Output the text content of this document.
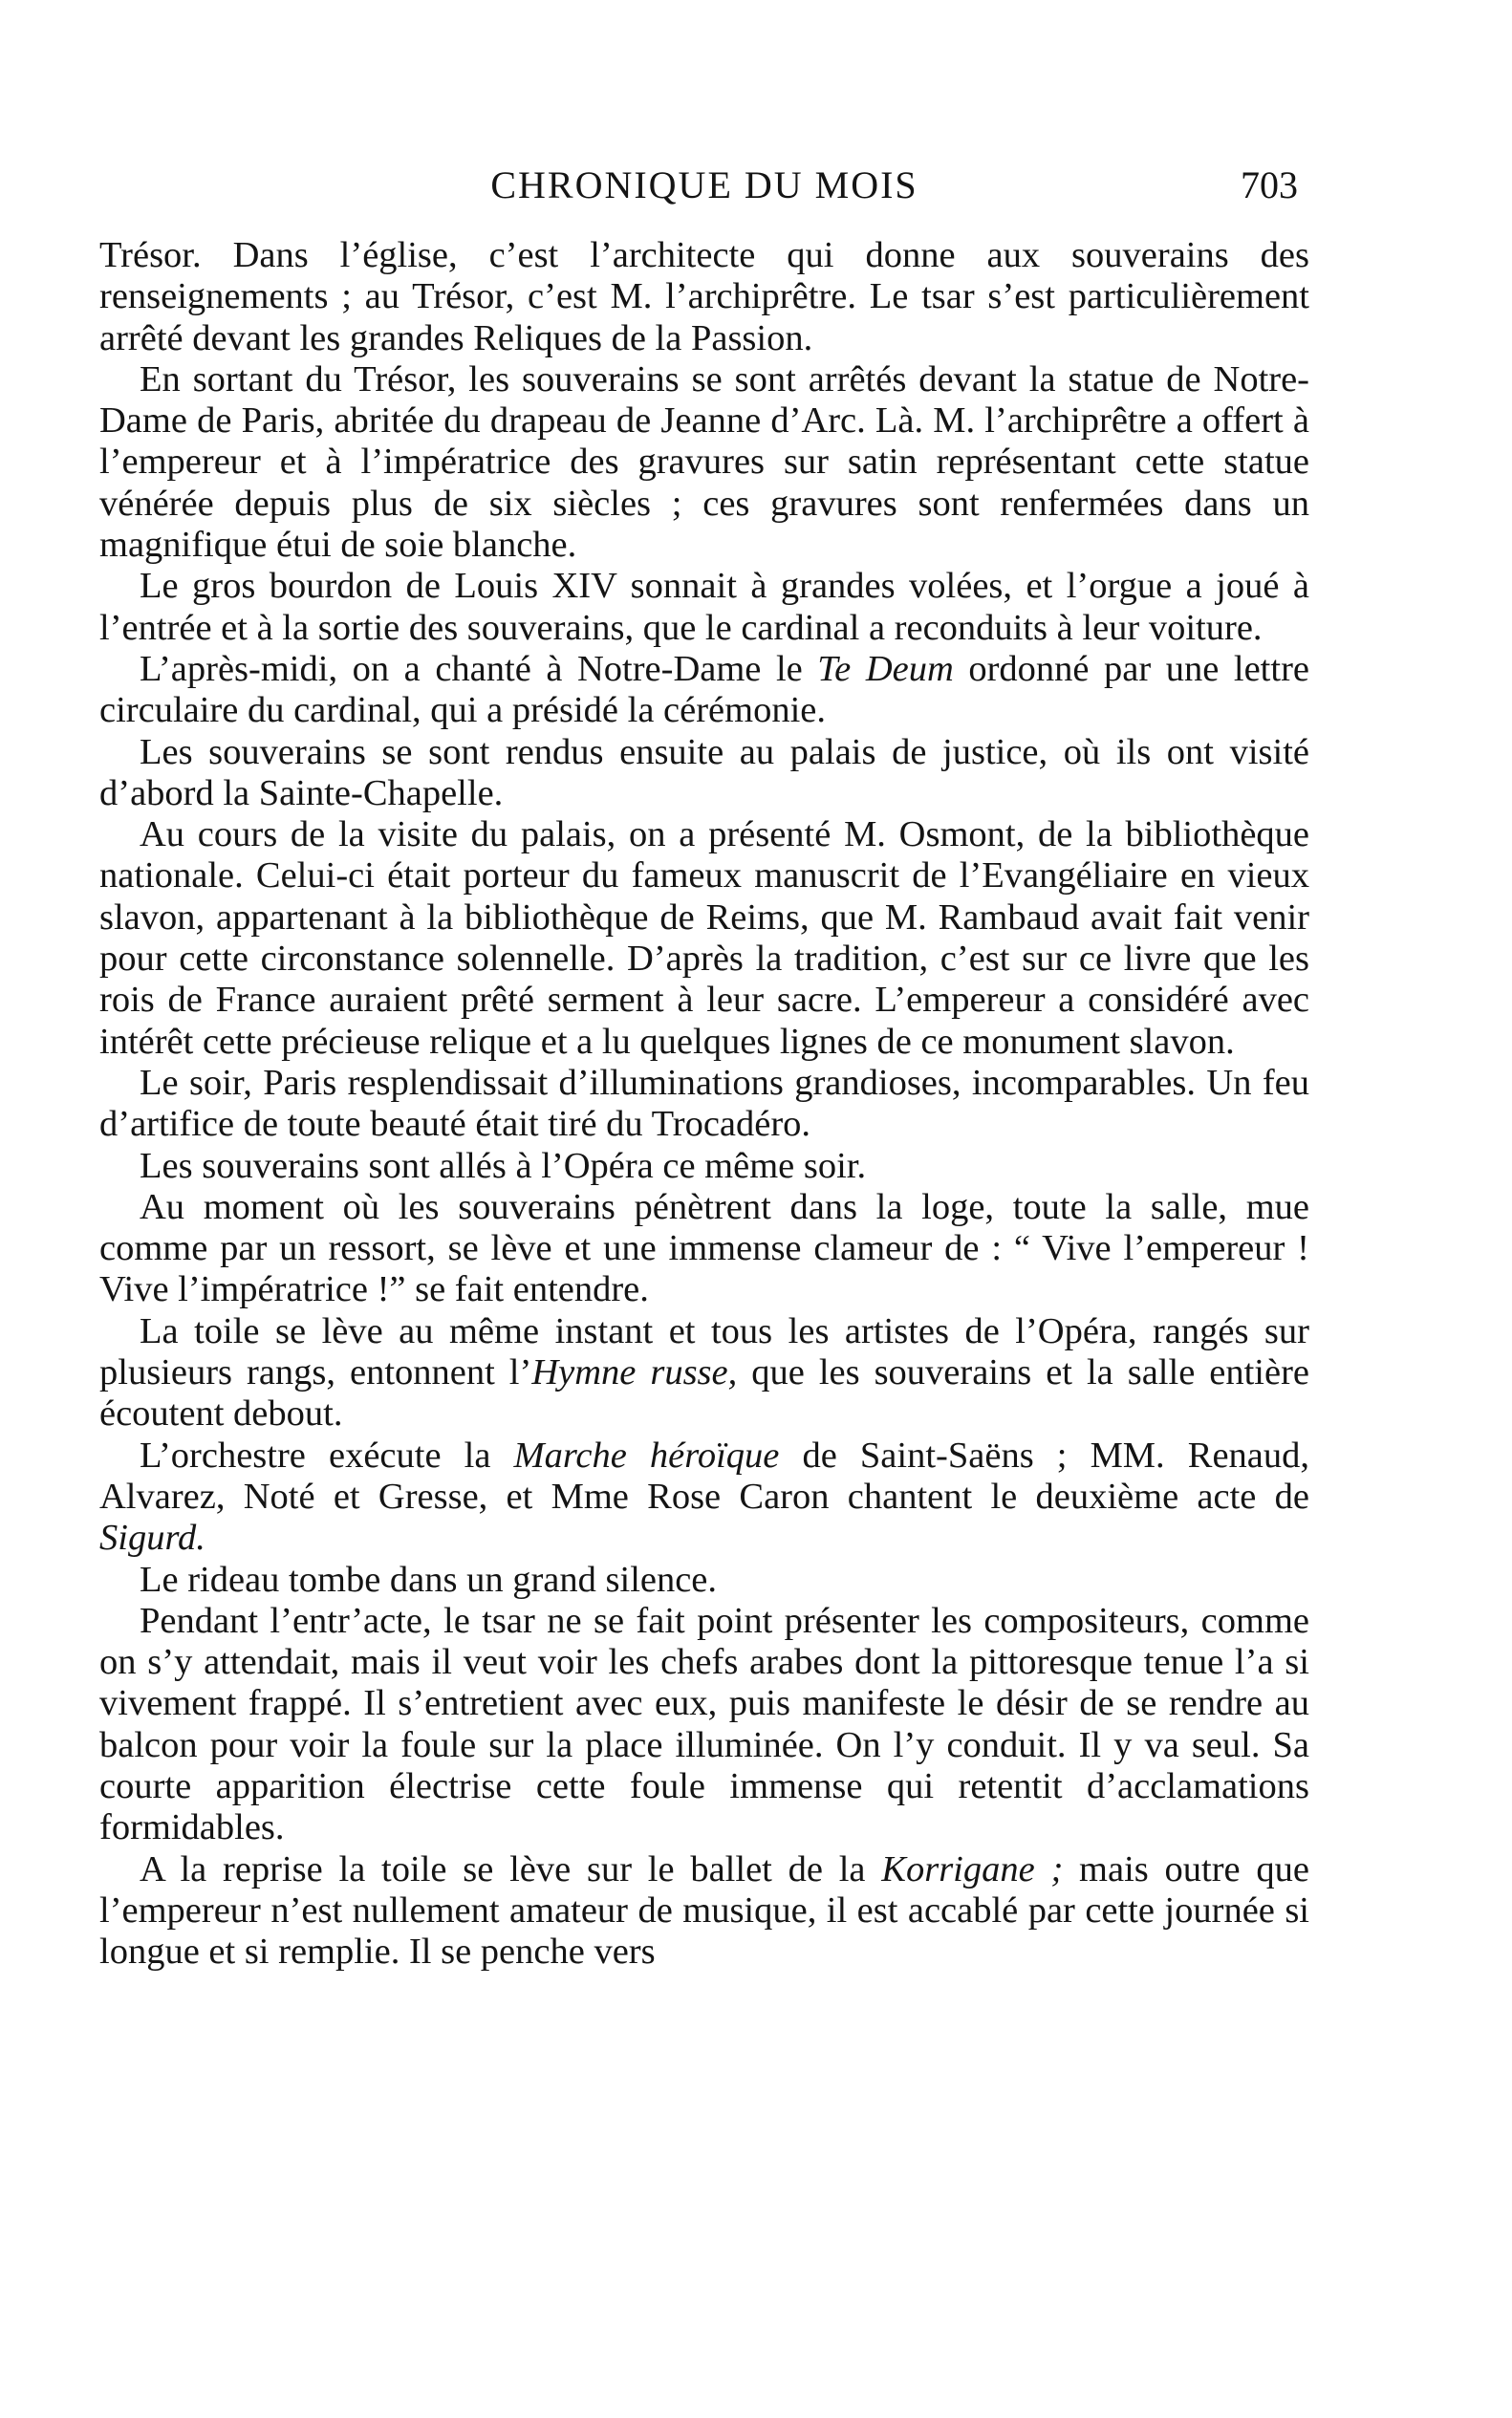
CHRONIQUE DU MOIS	703

Trésor. Dans l’église, c’est l’architecte qui donne aux souverains des renseignements ; au Trésor, c’est M. l’archiprêtre. Le tsar s’est particulièrement arrêté devant les grandes Reliques de la Passion.

En sortant du Trésor, les souverains se sont arrêtés devant la statue de Notre-Dame de Paris, abritée du drapeau de Jeanne d’Arc. Là. M. l’archiprêtre a offert à l’empereur et à l’impératrice des gravures sur satin représentant cette statue vénérée depuis plus de six siècles ; ces gravures sont renfermées dans un magnifique étui de soie blanche.

Le gros bourdon de Louis XIV sonnait à grandes volées, et l’orgue a joué à l’entrée et à la sortie des souverains, que le cardinal a reconduits à leur voiture.

L’après-midi, on a chanté à Notre-Dame le Te Deum ordonné par une lettre circulaire du cardinal, qui a présidé la cérémonie.

Les souverains se sont rendus ensuite au palais de justice, où ils ont visité d’abord la Sainte-Chapelle.

Au cours de la visite du palais, on a présenté M. Osmont, de la bibliothèque nationale. Celui-ci était porteur du fameux manuscrit de l’Evangéliaire en vieux slavon, appartenant à la bibliothèque de Reims, que M. Rambaud avait fait venir pour cette circonstance solennelle. D’après la tradition, c’est sur ce livre que les rois de France auraient prêté serment à leur sacre. L’empereur a considéré avec intérêt cette précieuse relique et a lu quelques lignes de ce monument slavon.

Le soir, Paris resplendissait d’illuminations grandioses, incomparables. Un feu d’artifice de toute beauté était tiré du Trocadéro.

Les souverains sont allés à l’Opéra ce même soir.

Au moment où les souverains pénètrent dans la loge, toute la salle, mue comme par un ressort, se lève et une immense clameur de : “ Vive l’empereur ! Vive l’impératrice !” se fait entendre.

La toile se lève au même instant et tous les artistes de l’Opéra, rangés sur plusieurs rangs, entonnent l’Hymne russe, que les souverains et la salle entière écoutent debout.

L’orchestre exécute la Marche héroïque de Saint-Saëns ; MM. Renaud, Alvarez, Noté et Gresse, et Mme Rose Caron chantent le deuxième acte de Sigurd.

Le rideau tombe dans un grand silence.

Pendant l’entr’acte, le tsar ne se fait point présenter les compositeurs, comme on s’y attendait, mais il veut voir les chefs arabes dont la pittoresque tenue l’a si vivement frappé. Il s’entretient avec eux, puis manifeste le désir de se rendre au balcon pour voir la foule sur la place illuminée. On l’y conduit. Il y va seul. Sa courte apparition électrise cette foule immense qui retentit d’acclamations formidables.

A la reprise la toile se lève sur le ballet de la Korrigane ; mais outre que l’empereur n’est nullement amateur de musique, il est accablé par cette journée si longue et si remplie. Il se penche vers
